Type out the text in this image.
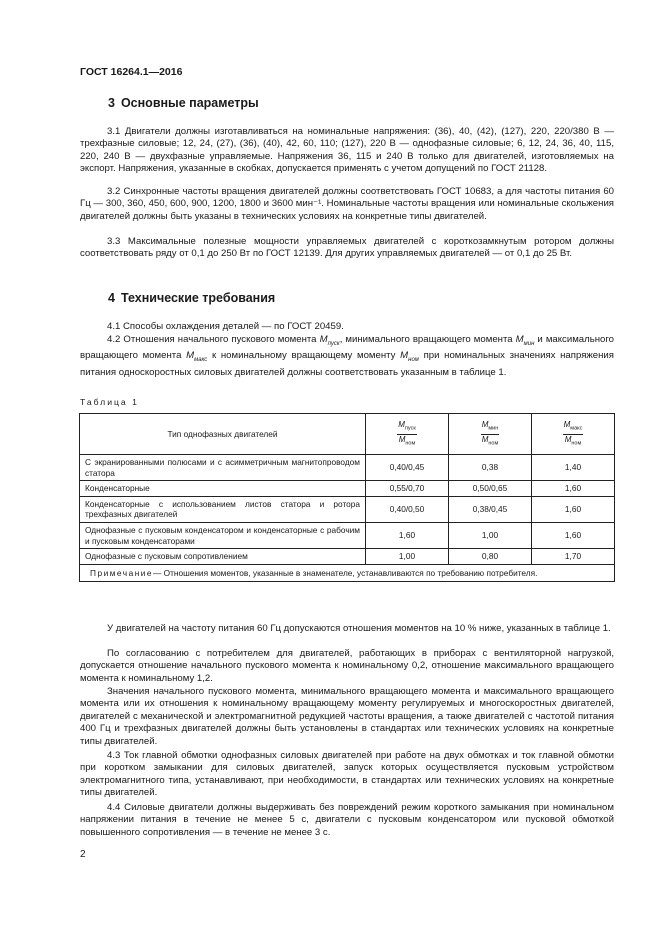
ГОСТ 16264.1—2016
3 Основные параметры

3.1 Двигатели должны изготавливаться на номинальные напряжения: (36), 40, (42), (127), 220, 220/380 В — трехфазные силовые; 12, 24, (27), (36), (40), 42, 60, 110; (127), 220 В — однофазные силовые; 6, 12, 24, 36, 40, 115, 220, 240 В — двухфазные управляемые. Напряжения 36, 115 и 240 В только для двигателей, изготовляемых на экспорт. Напряжения, указанные в скобках, допускается применять с учетом допущений по ГОСТ 21128.

3.2 Синхронные частоты вращения двигателей должны соответствовать ГОСТ 10683, а для частоты питания 60 Гц — 300, 360, 450, 600, 900, 1200, 1800 и 3600 мин⁻¹. Номинальные частоты вращения или номинальные скольжения двигателей должны быть указаны в технических условиях на конкретные типы двигателей.

3.3 Максимальные полезные мощности управляемых двигателей с короткозамкнутым ротором должны соответствовать ряду от 0,1 до 250 Вт по ГОСТ 12139. Для других управляемых двигателей — от 0,1 до 25 Вт.

4 Технические требования

4.1 Способы охлаждения деталей — по ГОСТ 20459.

4.2 Отношения начального пускового момента $M_{пуск}$, минимального вращающего момента $M_{мин}$ и максимального вращающего момента $M_{макс}$ к номинальному вращающему моменту $M_{ном}$ при номинальных значениях напряжения питания односкоростных силовых двигателей должны соответствовать указанным в таблице 1.

Таблица 1
Тип однофазных двигателей	$\frac{M_{пуск}}{M_{ном}}$	$\frac{M_{мин}}{M_{ном}}$	$\frac{M_{макс}}{M_{ном}}$
С экранированными полюсами и с асимметричным магнитопроводом статора	0,40/0,45	0,38	1,40
Конденсаторные	0,55/0,70	0,50/0,65	1,60
Конденсаторные с использованием листов статора и ротора трехфазных двигателей	0,40/0,50	0,38/0,45	1,60
Однофазные с пусковым конденсатором и конденсаторные с рабочим и пусковым конденсаторами	1,60	1,00	1,60
Однофазные с пусковым сопротивлением	1,00	0,80	1,70
Примечание— Отношения моментов, указанные в знаменателе, устанавливаются по требованию потребителя.			

У двигателей на частоту питания 60 Гц допускаются отношения моментов на 10 % ниже, указанных в таблице 1.

По согласованию с потребителем для двигателей, работающих в приборах с вентиляторной нагрузкой, допускается отношение начального пускового момента к номинальному 0,2, отношение максимального вращающего момента к номинальному 1,2.

Значения начального пускового момента, минимального вращающего момента и максимального вращающего момента или их отношения к номинальному вращающему моменту регулируемых и многоскоростных двигателей, двигателей с механической и электромагнитной редукцией частоты вращения, а также двигателей с частотой питания 400 Гц и трехфазных двигателей должны быть установлены в стандартах или технических условиях на конкретные типы двигателей.

4.3 Ток главной обмотки однофазных силовых двигателей при работе на двух обмотках и ток главной обмотки при коротком замыкании для силовых двигателей, запуск которых осуществляется пусковым устройством электромагнитного типа, устанавливают, при необходимости, в стандартах или технических условиях на конкретные типы двигателей.

4.4 Силовые двигатели должны выдерживать без повреждений режим короткого замыкания при номинальном напряжении питания в течение не менее 5 с, двигатели с пусковым конденсатором или пусковой обмоткой повышенного сопротивления — в течение не менее 3 с.

2
